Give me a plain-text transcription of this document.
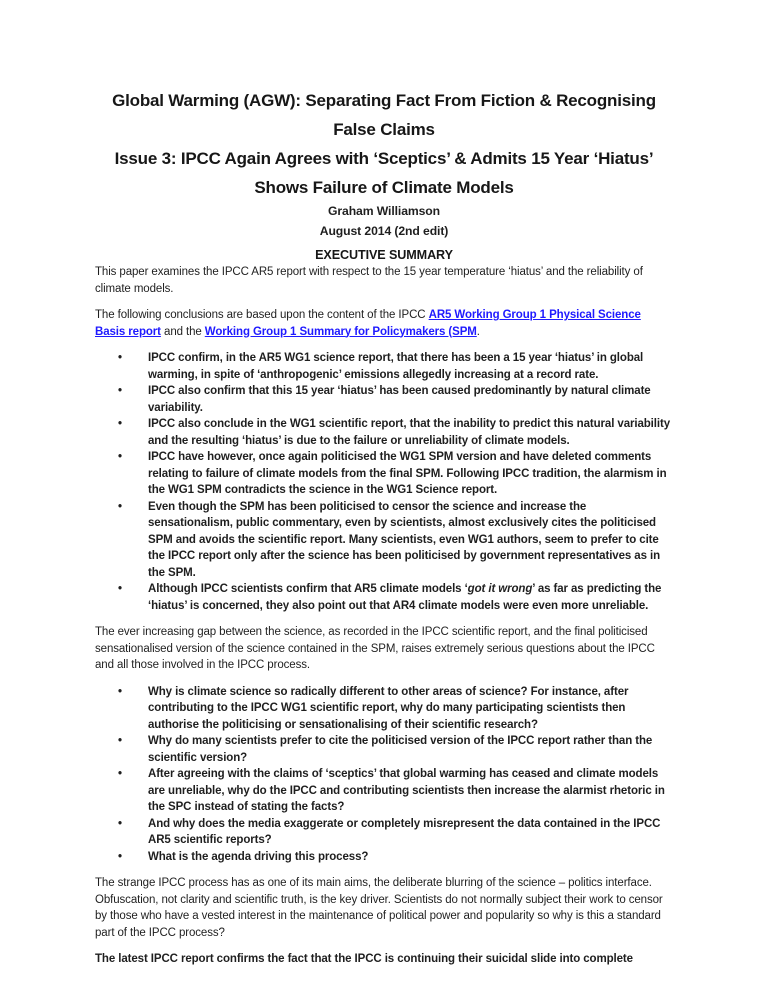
Global Warming (AGW): Separating Fact From Fiction & Recognising
False Claims
Issue 3: IPCC Again Agrees with ‘Sceptics’ & Admits 15 Year ‘Hiatus’
Shows Failure of Climate Models
Graham Williamson
August 2014 (2nd edit)
EXECUTIVE SUMMARY

This paper examines the IPCC AR5 report with respect to the 15 year temperature ‘hiatus’ and the reliability of climate models.

The following conclusions are based upon the content of the IPCC AR5 Working Group 1 Physical Science Basis report and the Working Group 1 Summary for Policymakers (SPM.

• IPCC confirm, in the AR5 WG1 science report, that there has been a 15 year ‘hiatus’ in global warming, in spite of ‘anthropogenic’ emissions allegedly increasing at a record rate.
• IPCC also confirm that this 15 year ‘hiatus’ has been caused predominantly by natural climate variability.
• IPCC also conclude in the WG1 scientific report, that the inability to predict this natural variability and the resulting ‘hiatus’ is due to the failure or unreliability of climate models.
• IPCC have however, once again politicised the WG1 SPM version and have deleted comments relating to failure of climate models from the final SPM. Following IPCC tradition, the alarmism in the WG1 SPM contradicts the science in the WG1 Science report.
• Even though the SPM has been politicised to censor the science and increase the sensationalism, public commentary, even by scientists, almost exclusively cites the politicised SPM and avoids the scientific report. Many scientists, even WG1 authors, seem to prefer to cite the IPCC report only after the science has been politicised by government representatives as in the SPM.
• Although IPCC scientists confirm that AR5 climate models ‘got it wrong’ as far as predicting the ‘hiatus’ is concerned, they also point out that AR4 climate models were even more unreliable.

The ever increasing gap between the science, as recorded in the IPCC scientific report, and the final politicised sensationalised version of the science contained in the SPM, raises extremely serious questions about the IPCC and all those involved in the IPCC process.

• Why is climate science so radically different to other areas of science? For instance, after contributing to the IPCC WG1 scientific report, why do many participating scientists then authorise the politicising or sensationalising of their scientific research?
• Why do many scientists prefer to cite the politicised version of the IPCC report rather than the scientific version?
• After agreeing with the claims of ‘sceptics’ that global warming has ceased and climate models are unreliable, why do the IPCC and contributing scientists then increase the alarmist rhetoric in the SPC instead of stating the facts?
• And why does the media exaggerate or completely misrepresent the data contained in the IPCC AR5 scientific reports?
• What is the agenda driving this process?

The strange IPCC process has as one of its main aims, the deliberate blurring of the science – politics interface. Obfuscation, not clarity and scientific truth, is the key driver. Scientists do not normally subject their work to censor by those who have a vested interest in the maintenance of political power and popularity so why is this a standard part of the IPCC process?

The latest IPCC report confirms the fact that the IPCC is continuing their suicidal slide into complete
